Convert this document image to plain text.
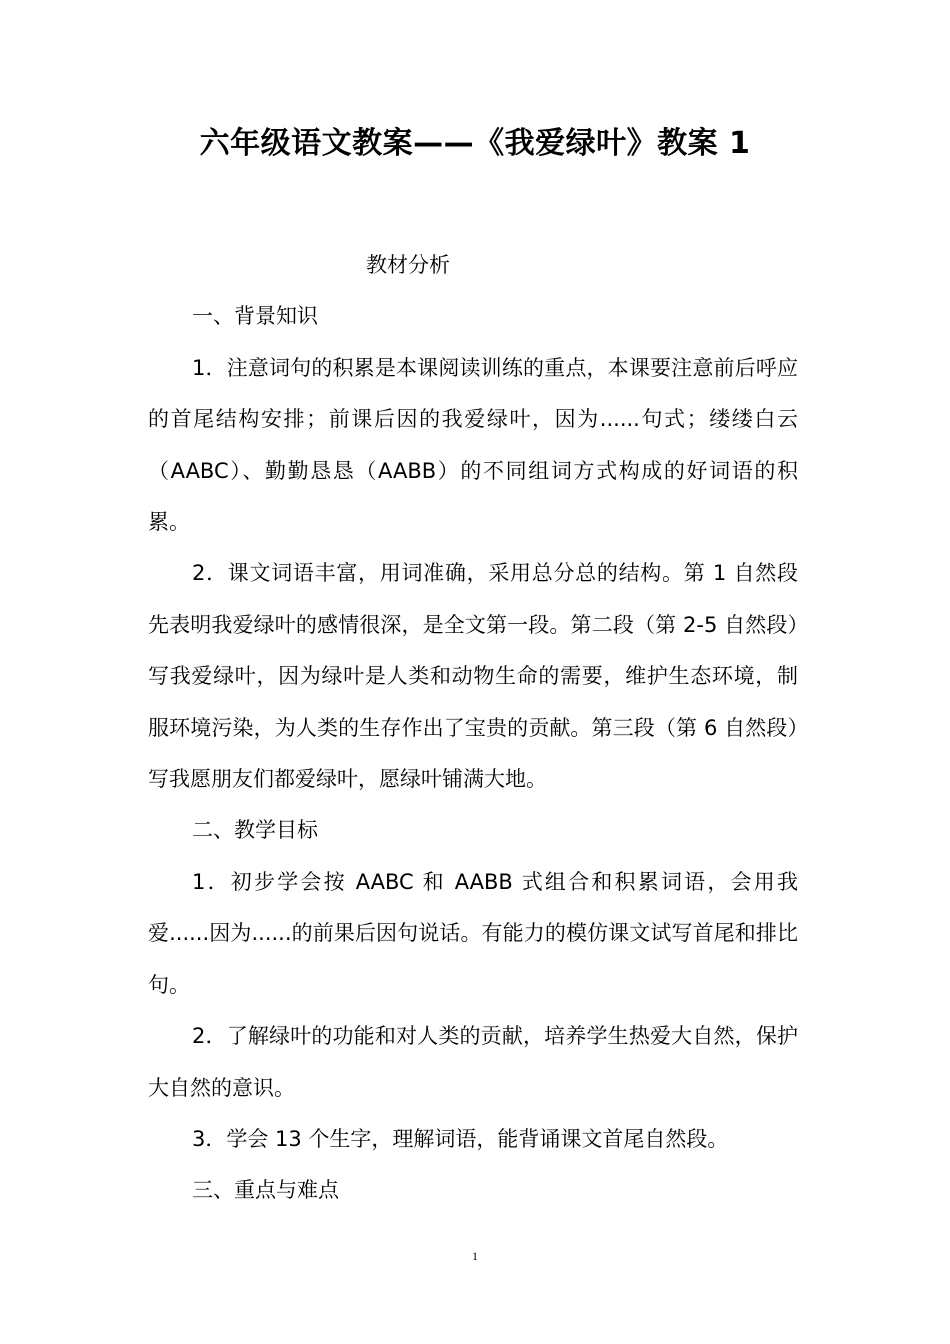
六年级语文教案——《我爱绿叶》教案 1

教材分析

一、背景知识

1．注意词句的积累是本课阅读训练的重点，本课要注意前后呼应的首尾结构安排；前课后因的我爱绿叶，因为......句式；缕缕白云（AABC）、勤勤恳恳（AABB）的不同组词方式构成的好词语的积累。

2．课文词语丰富，用词准确，采用总分总的结构。第 1 自然段先表明我爱绿叶的感情很深，是全文第一段。第二段（第 2-5 自然段）写我爱绿叶，因为绿叶是人类和动物生命的需要，维护生态环境，制服环境污染，为人类的生存作出了宝贵的贡献。第三段（第 6 自然段）写我愿朋友们都爱绿叶，愿绿叶铺满大地。

二、教学目标

1．初步学会按 AABC 和 AABB 式组合和积累词语，会用我爱......因为......的前果后因句说话。有能力的模仿课文试写首尾和排比句。

2．了解绿叶的功能和对人类的贡献，培养学生热爱大自然，保护大自然的意识。

3．学会 13 个生字，理解词语，能背诵课文首尾自然段。

三、重点与难点

1
